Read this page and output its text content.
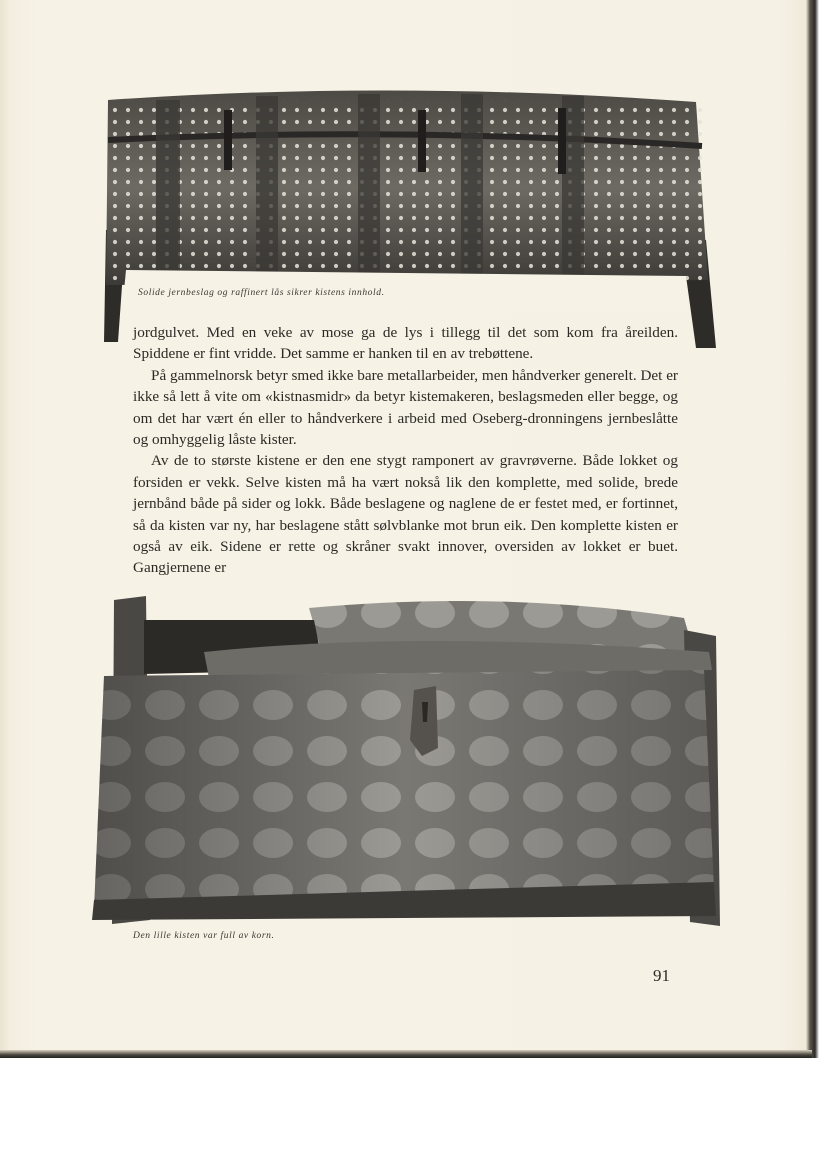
Solide jernbeslag og raffinert lås sikrer kistens innhold.

jordgulvet. Med en veke av mose ga de lys i tillegg til det som kom fra åreilden. Spiddene er fint vridde. Det samme er hanken til en av trebøttene.

På gammelnorsk betyr smed ikke bare metallarbeider, men håndverker generelt. Det er ikke så lett å vite om «kistnasmidr» da betyr kistemakeren, beslagsmeden eller begge, og om det har vært én eller to håndverkere i arbeid med Oseberg-dronningens jernbeslåtte og omhyggelig låste kister.

Av de to største kistene er den ene stygt ramponert av gravrøverne. Både lokket og forsiden er vekk. Selve kisten må ha vært nokså lik den komplette, med solide, brede jernbånd både på sider og lokk. Både beslagene og naglene de er festet med, er fortinnet, så da kisten var ny, har beslagene stått sølvblanke mot brun eik. Den komplette kisten er også av eik. Sidene er rette og skråner svakt innover, oversiden av lokket er buet. Gangjernene er

Den lille kisten var full av korn.
91
